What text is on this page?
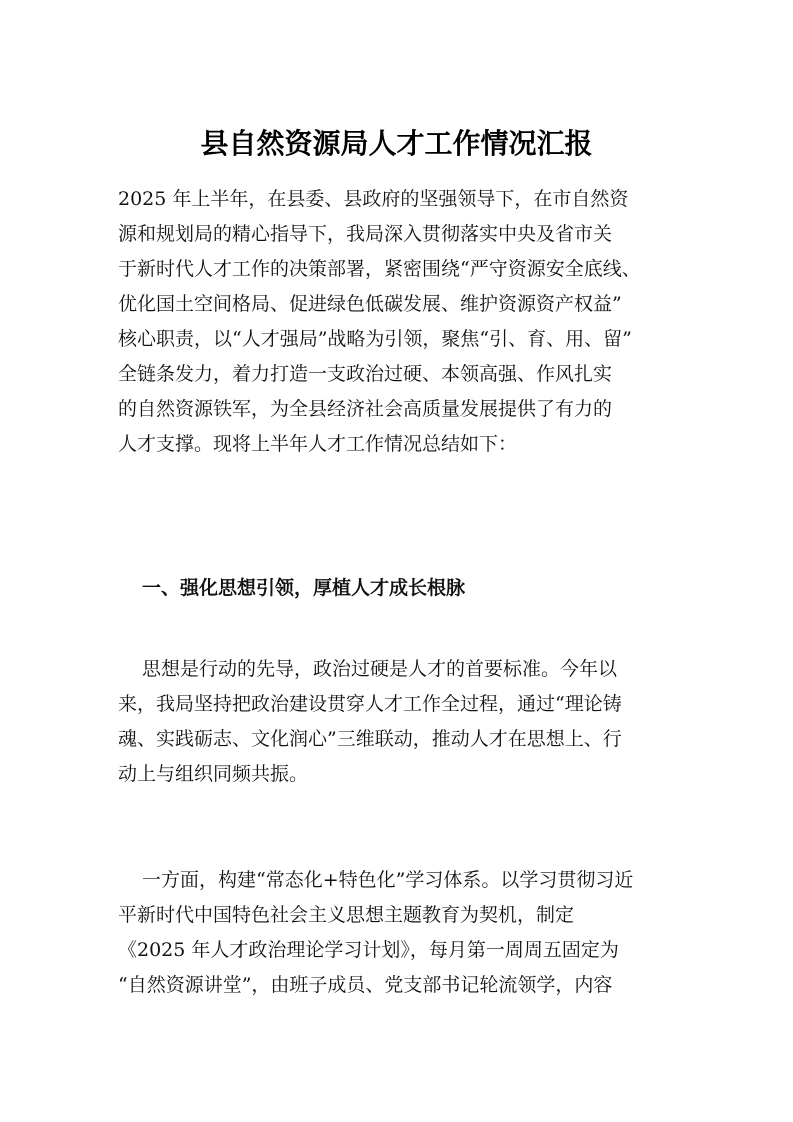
县自然资源局人才工作情况汇报
2025 年上半年，在县委、县政府的坚强领导下，在市自然资
源和规划局的精心指导下，我局深入贯彻落实中央及省市关
于新时代人才工作的决策部署，紧密围绕“严守资源安全底线、
优化国土空间格局、促进绿色低碳发展、维护资源资产权益”
核心职责，以“人才强局”战略为引领，聚焦“引、育、用、留”
全链条发力，着力打造一支政治过硬、本领高强、作风扎实
的自然资源铁军，为全县经济社会高质量发展提供了有力的
人才支撑。现将上半年人才工作情况总结如下：
一、强化思想引领，厚植人才成长根脉
思想是行动的先导，政治过硬是人才的首要标准。今年以
来，我局坚持把政治建设贯穿人才工作全过程，通过“理论铸
魂、实践砺志、文化润心”三维联动，推动人才在思想上、行
动上与组织同频共振。
一方面，构建“常态化+特色化”学习体系。以学习贯彻习近
平新时代中国特色社会主义思想主题教育为契机，制定
《2025 年人才政治理论学习计划》，每月第一周周五固定为
“自然资源讲堂”，由班子成员、党支部书记轮流领学，内容
